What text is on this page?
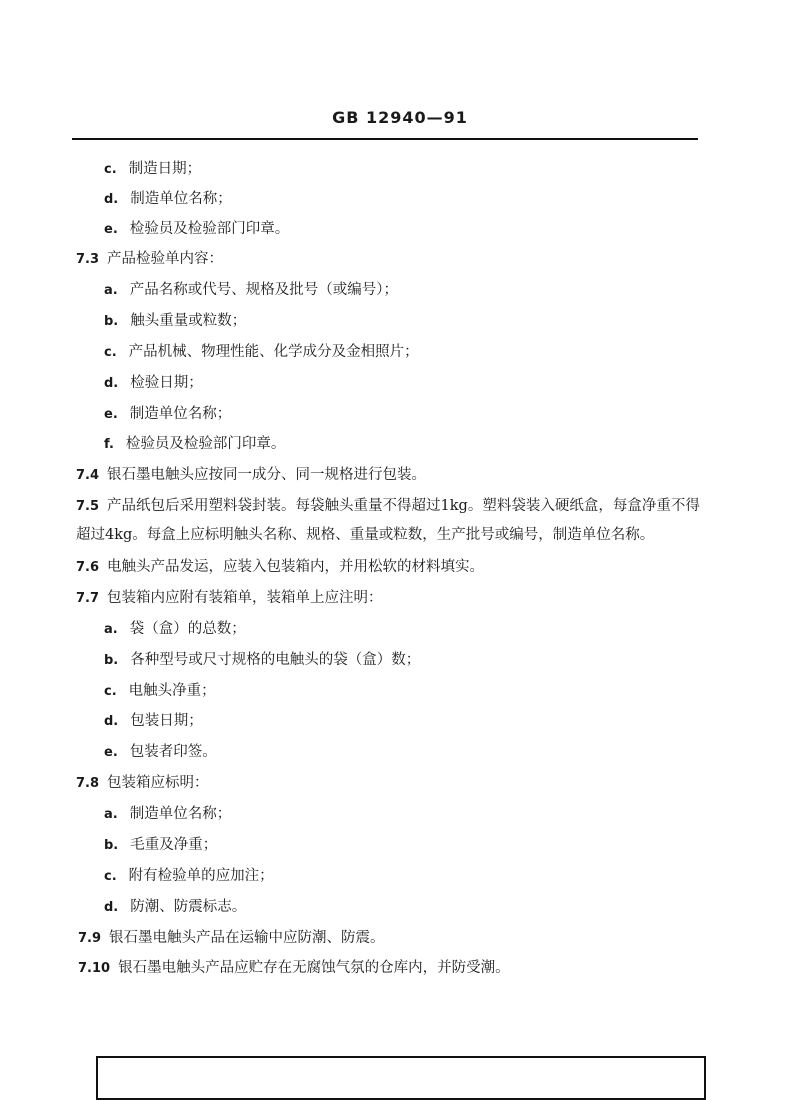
GB 12940—91
c. 制造日期；
d. 制造单位名称；
e. 检验员及检验部门印章。
7.3 产品检验单内容：
a. 产品名称或代号、规格及批号（或编号）；
b. 触头重量或粒数；
c. 产品机械、物理性能、化学成分及金相照片；
d. 检验日期；
e. 制造单位名称；
f. 检验员及检验部门印章。
7.4 银石墨电触头应按同一成分、同一规格进行包装。
7.5 产品纸包后采用塑料袋封装。每袋触头重量不得超过1kg。塑料袋装入硬纸盒，每盒净重不得
超过4kg。每盒上应标明触头名称、规格、重量或粒数，生产批号或编号，制造单位名称。
7.6 电触头产品发运，应装入包装箱内，并用松软的材料填实。
7.7 包装箱内应附有装箱单，装箱单上应注明：
a. 袋（盒）的总数；
b. 各种型号或尺寸规格的电触头的袋（盒）数；
c. 电触头净重；
d. 包装日期；
e. 包装者印签。
7.8 包装箱应标明：
a. 制造单位名称；
b. 毛重及净重；
c. 附有检验单的应加注；
d. 防潮、防震标志。
7.9 银石墨电触头产品在运输中应防潮、防震。
7.10 银石墨电触头产品应贮存在无腐蚀气氛的仓库内，并防受潮。
